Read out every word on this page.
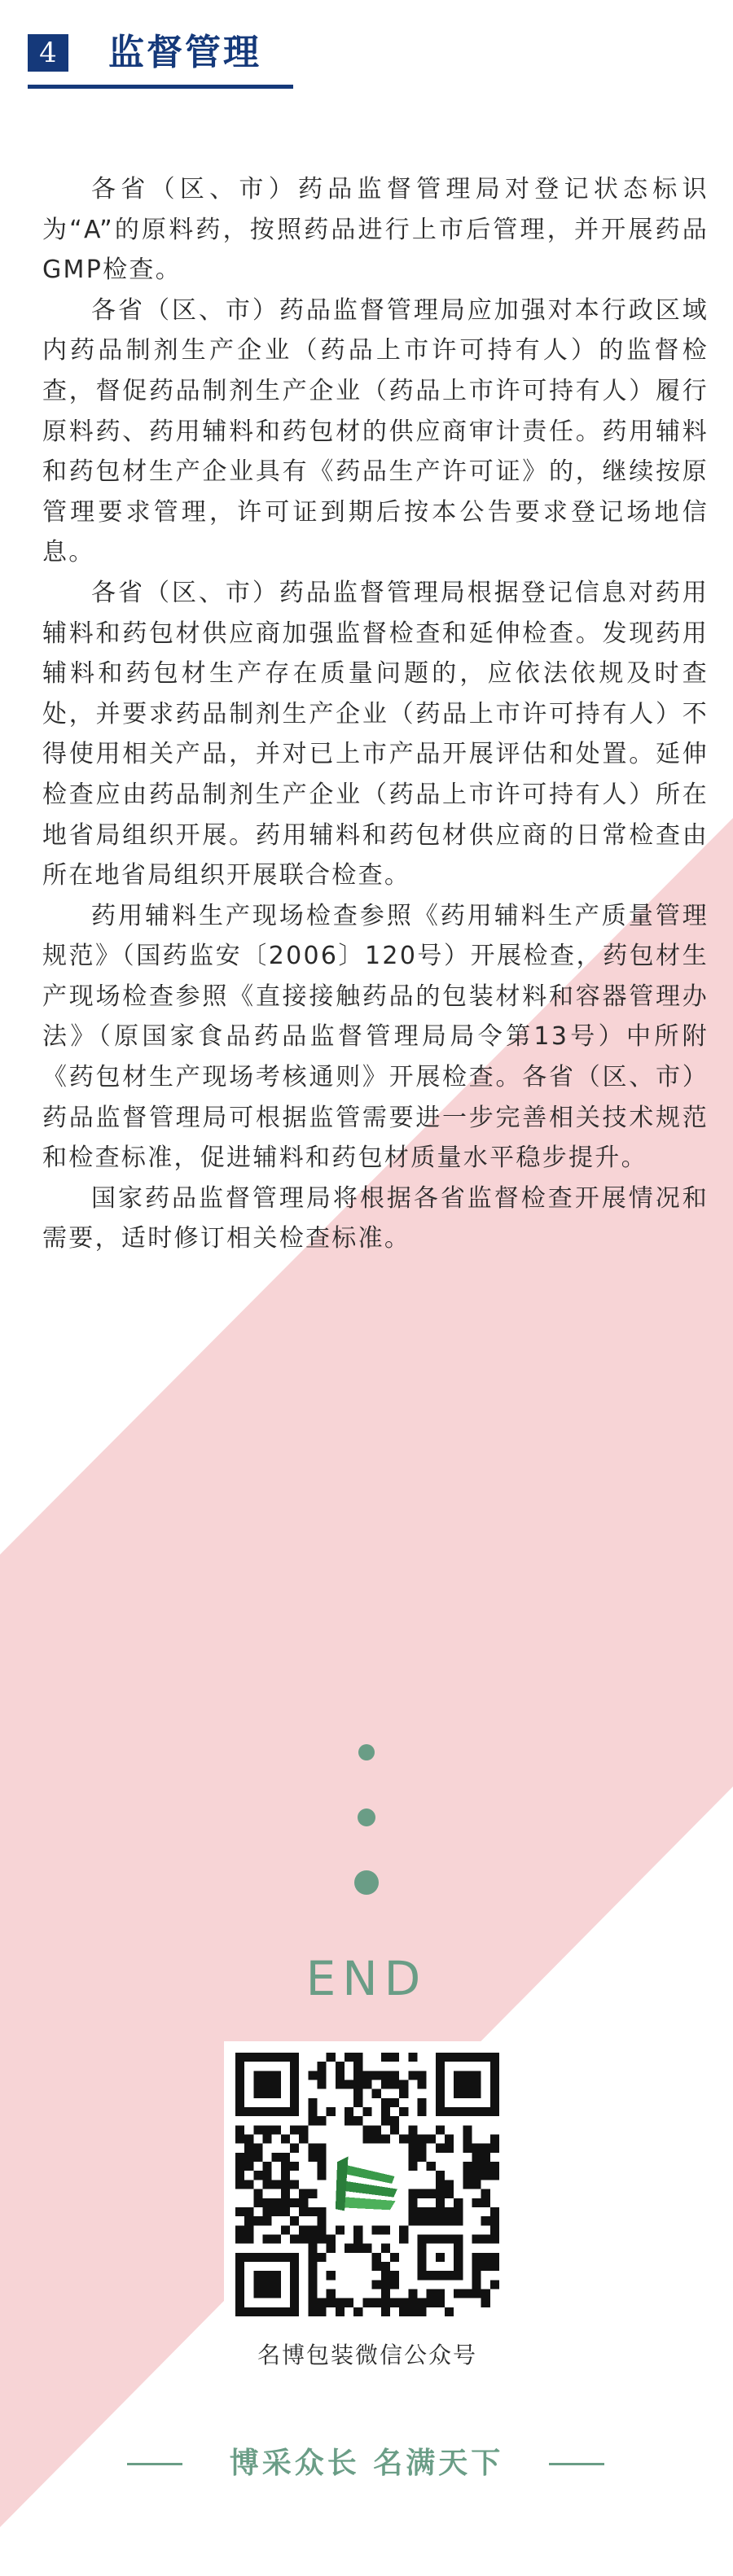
4	监督管理

各省（区、市）药品监督管理局对登记状态标识为“A”的原料药，按照药品进行上市后管理，并开展药品GMP检查。

各省（区、市）药品监督管理局应加强对本行政区域内药品制剂生产企业（药品上市许可持有人）的监督检查，督促药品制剂生产企业（药品上市许可持有人）履行原料药、药用辅料和药包材的供应商审计责任。药用辅料和药包材生产企业具有《药品生产许可证》的，继续按原管理要求管理，许可证到期后按本公告要求登记场地信息。

各省（区、市）药品监督管理局根据登记信息对药用辅料和药包材供应商加强监督检查和延伸检查。发现药用辅料和药包材生产存在质量问题的，应依法依规及时查处，并要求药品制剂生产企业（药品上市许可持有人）不得使用相关产品，并对已上市产品开展评估和处置。延伸检查应由药品制剂生产企业（药品上市许可持有人）所在地省局组织开展。药用辅料和药包材供应商的日常检查由所在地省局组织开展联合检查。

药用辅料生产现场检查参照《药用辅料生产质量管理规范》（国药监安〔2006〕120号）开展检查，药包材生产现场检查参照《直接接触药品的包装材料和容器管理办法》（原国家食品药品监督管理局局令第13号）中所附《药包材生产现场考核通则》开展检查。各省（区、市）药品监督管理局可根据监管需要进一步完善相关技术规范和检查标准，促进辅料和药包材质量水平稳步提升。

国家药品监督管理局将根据各省监督检查开展情况和需要，适时修订相关检查标准。

END
名博包装微信公众号
博采众长 名满天下
